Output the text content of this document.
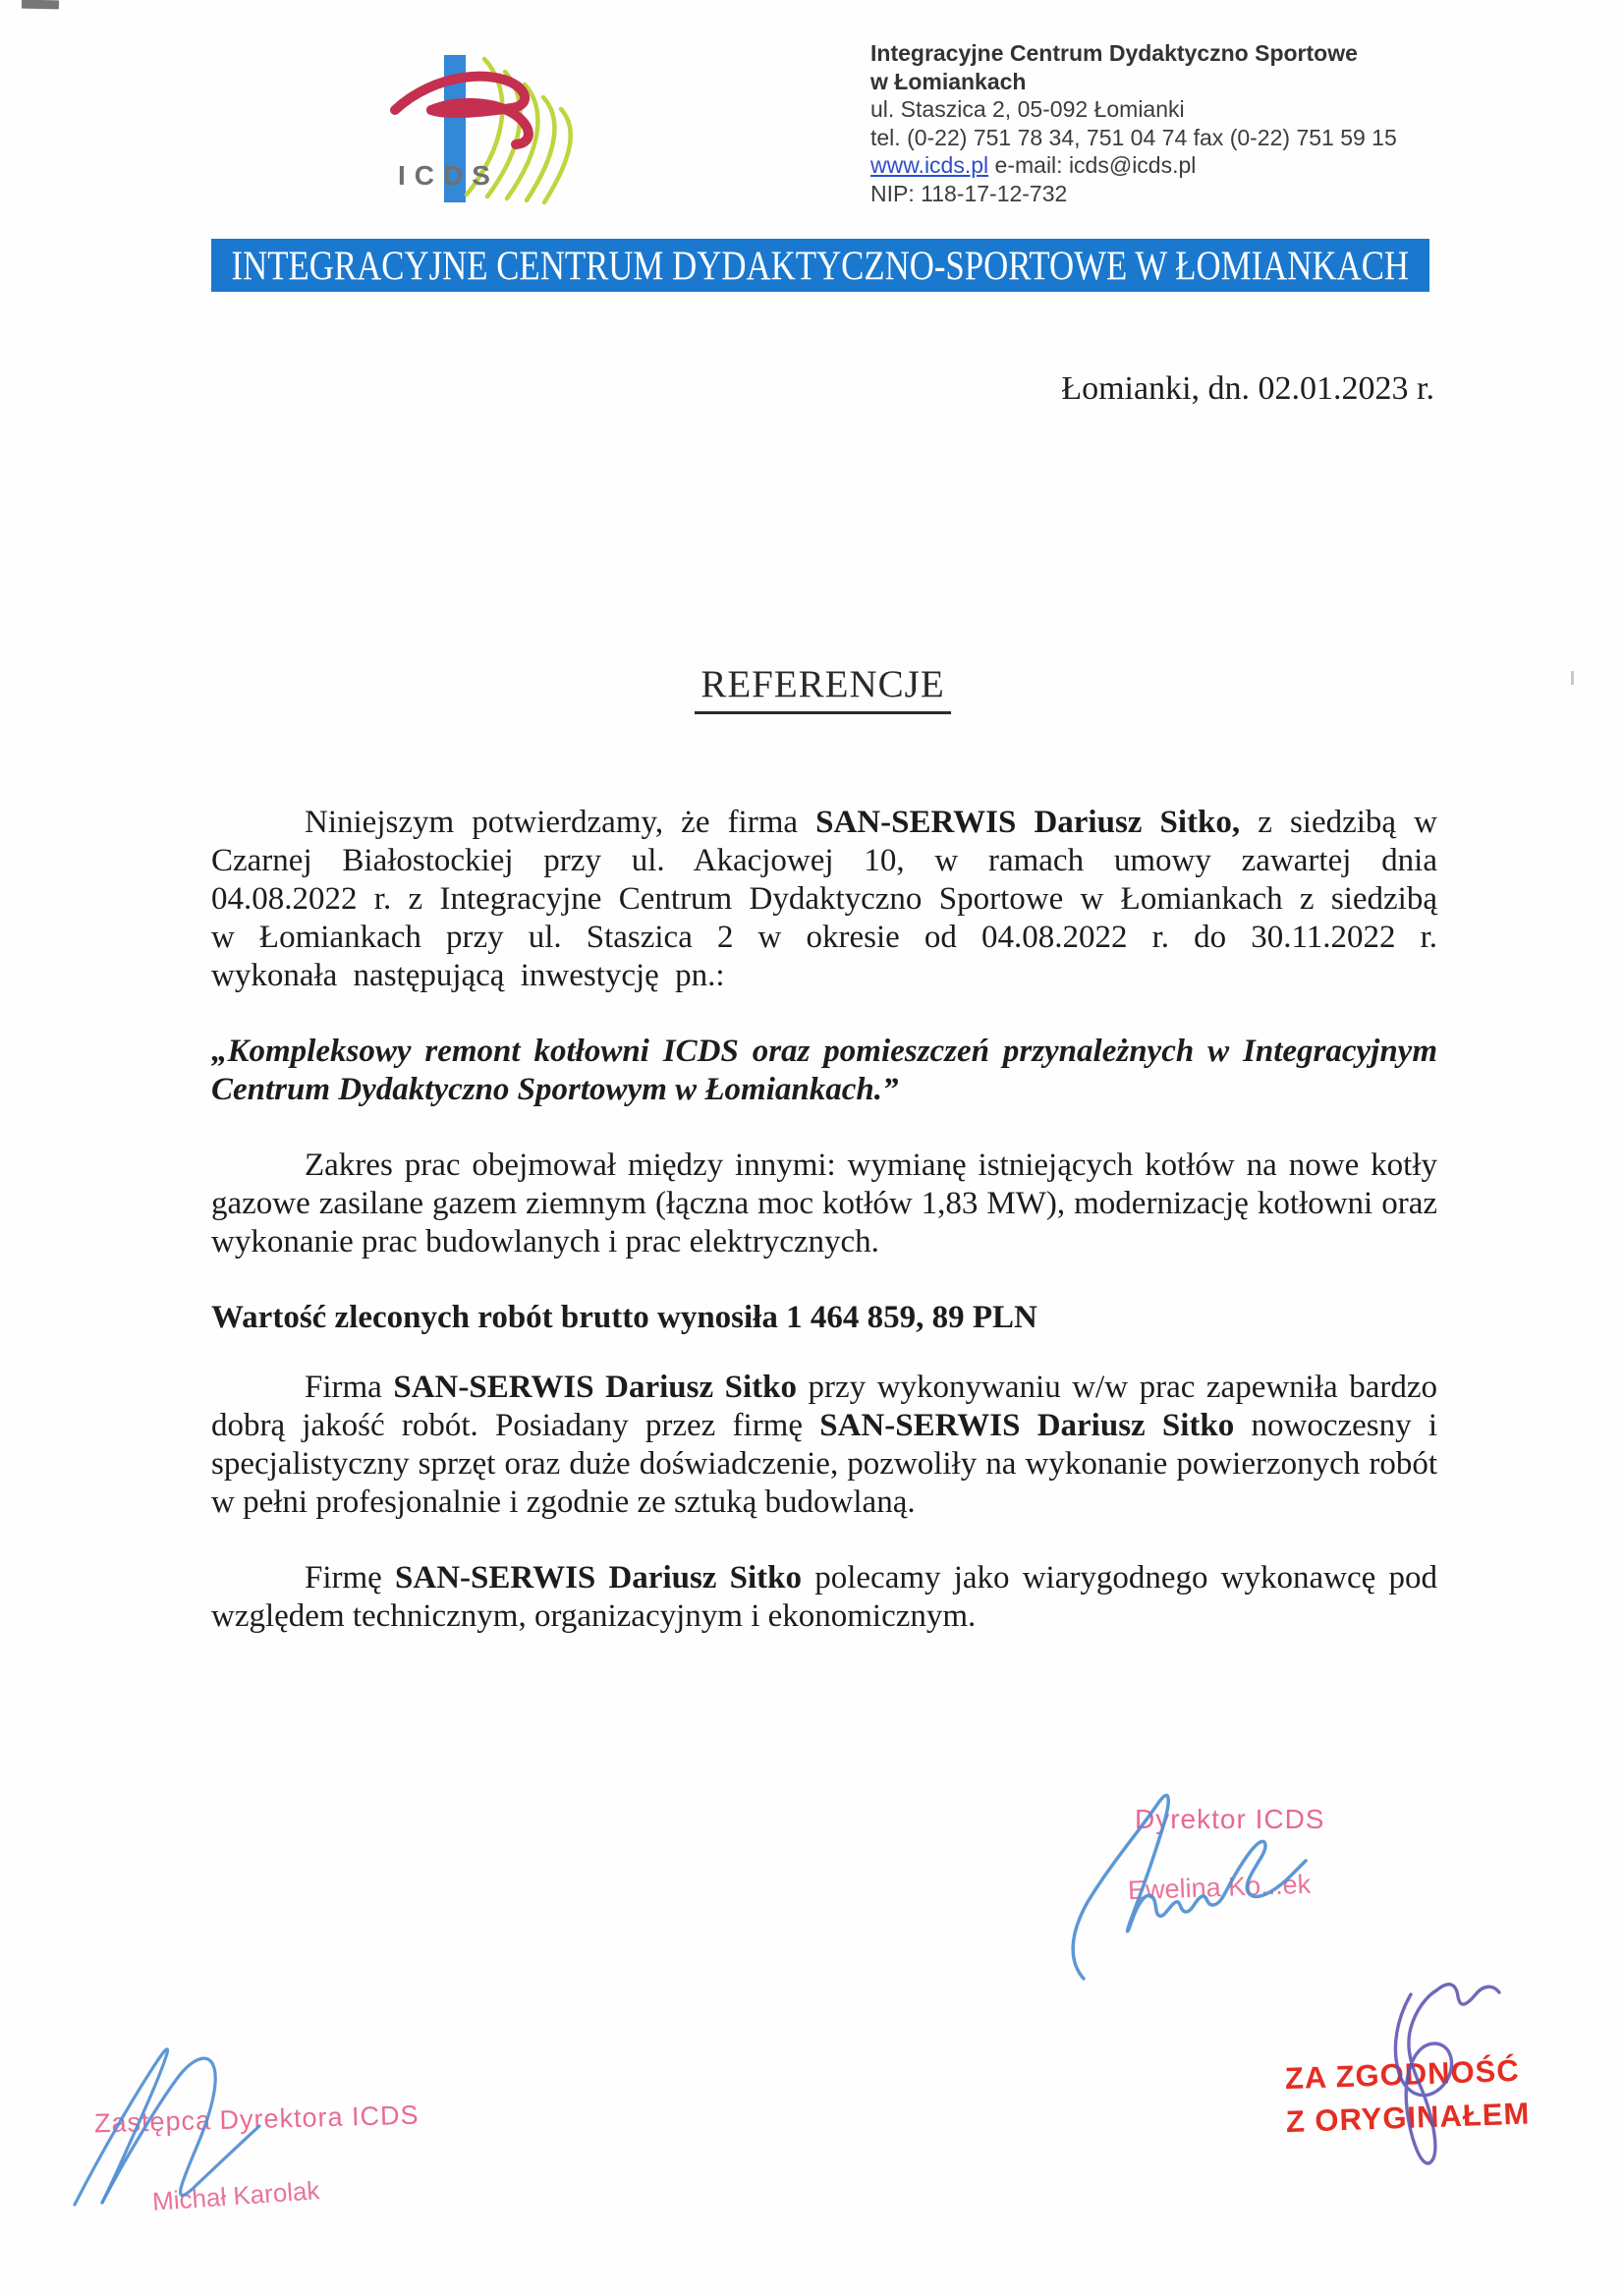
ICDS
Integracyjne Centrum Dydaktyczno Sportowe
w Łomiankach
ul. Staszica 2, 05-092 Łomianki
tel. (0-22) 751 78 34, 751 04 74 fax (0-22) 751 59 15
www.icds.pl e-mail: icds@icds.pl
NIP: 118-17-12-732
INTEGRACYJNE CENTRUM DYDAKTYCZNO-SPORTOWE W ŁOMIANKACH
Łomianki, dn. 02.01.2023 r.
REFERENCJE

Niniejszym potwierdzamy, że firma SAN-SERWIS Dariusz Sitko, z siedzibą w Czarnej Białostockiej przy ul. Akacjowej 10, w ramach umowy zawartej dnia 04.08.2022 r. z Integracyjne Centrum Dydaktyczno Sportowe w Łomiankach z siedzibą w Łomiankach przy ul. Staszica 2 w okresie od 04.08.2022 r. do 30.11.2022 r. wykonała następującą inwestycję pn.:

„Kompleksowy remont kotłowni ICDS oraz pomieszczeń przynależnych w Integracyjnym Centrum Dydaktyczno Sportowym w Łomiankach.”

Zakres prac obejmował między innymi: wymianę istniejących kotłów na nowe kotły gazowe zasilane gazem ziemnym (łączna moc kotłów 1,83 MW), modernizację kotłowni oraz wykonanie prac budowlanych i prac elektrycznych.

Wartość zleconych robót brutto wynosiła 1 464 859, 89 PLN

Firma SAN-SERWIS Dariusz Sitko przy wykonywaniu w/w prac zapewniła bardzo dobrą jakość robót. Posiadany przez firmę SAN-SERWIS Dariusz Sitko nowoczesny i specjalistyczny sprzęt oraz duże doświadczenie, pozwoliły na wykonanie powierzonych robót w pełni profesjonalnie i zgodnie ze sztuką budowlaną.

Firmę SAN-SERWIS Dariusz Sitko polecamy jako wiarygodnego wykonawcę pod względem technicznym, organizacyjnym i ekonomicznym.

Dyrektor ICDS
Ewelina Ko...ek
Zastępca Dyrektora ICDS
Michał Karolak
ZA ZGODNOŚĆ
Z ORYGINAŁEM
